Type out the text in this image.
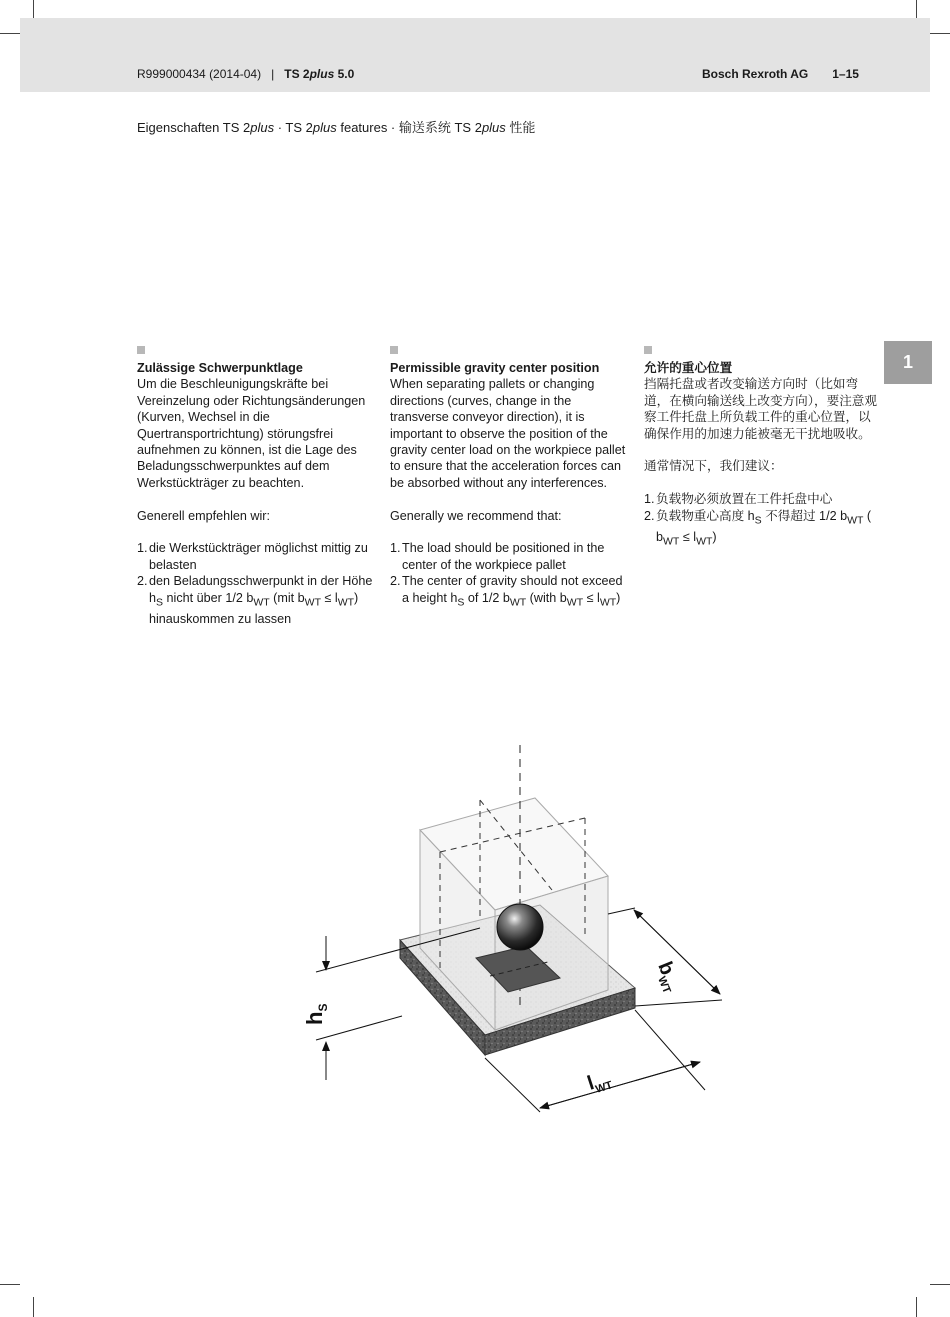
R999000434 (2014-04) | TS 2plus 5.0	Bosch Rexroth AG 1–15
Eigenschaften TS 2plus · TS 2plus features · 输送系统 TS 2plus 性能
1
Zulässige Schwerpunktlage

Um die Beschleunigungskräfte bei Vereinzelung oder Richtungsänderungen (Kurven, Wechsel in die Quertransportrichtung) störungsfrei aufnehmen zu können, ist die Lage des Beladungsschwerpunktes auf dem Werkstückträger zu beachten.

Generell empfehlen wir:

1.die Werkstückträger möglichst mittig zu belasten
2.den Beladungsschwerpunkt in der Höhe $h_S$ nicht über 1/2 $b_{WT}$ (mit $b_{WT} \le l_{WT}$) hinauskommen zu lassen
Permissible gravity center position

When separating pallets or changing directions (curves, change in the transverse conveyor direction), it is important to observe the position of the gravity center load on the workpiece pallet to ensure that the acceleration forces can be absorbed without any interferences.

Generally we recommend that:

1.The load should be positioned in the center of the workpiece pallet
2.The center of gravity should not exceed a height $h_S$ of 1/2 $b_{WT}$ (with $b_{WT} \le l_{WT}$)
允许的重心位置

挡隔托盘或者改变输送方向时（比如弯道，在横向输送线上改变方向），要注意观察工件托盘上所负载工件的重心位置，以确保作用的加速力能被毫无干扰地吸收。

通常情况下，我们建议：

1.负载物必须放置在工件托盘中心
2.负载物重心高度 $h_S$ 不得超过 1/2 $b_{WT}$ ( $b_{WT} \le l_{WT}$)
$h_S$
$b_{WT}$
$l_{WT}$
